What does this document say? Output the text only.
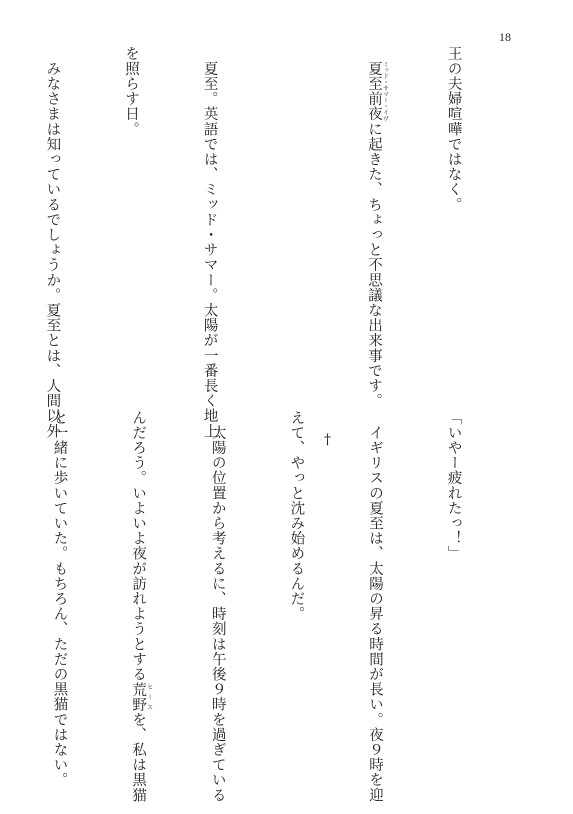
18

王の夫婦喧嘩ではなく。

　夏至前夜 ミッド・サマー・イヴに起きた、ちょっと不思議な出来事です。

†

	「いやー疲れたっ！」

　イギリスの夏至は、太陽の昇る時間が長い。夜９時を迎

えて、やっと沈み始めるんだ。

　太陽の位置から考えるに、時刻は午後９時を過ぎている

んだろう。いよいよ夜が訪れようとする荒野 ヒースを、私は黒猫

と一緒に歩いていた。もちろん、ただの黒猫ではない。

　夏至。英語では、ミッド・サマー。太陽が一番長く地上

を照らす日。

　みなさまは知っているでしょうか。夏至とは、人間以外
